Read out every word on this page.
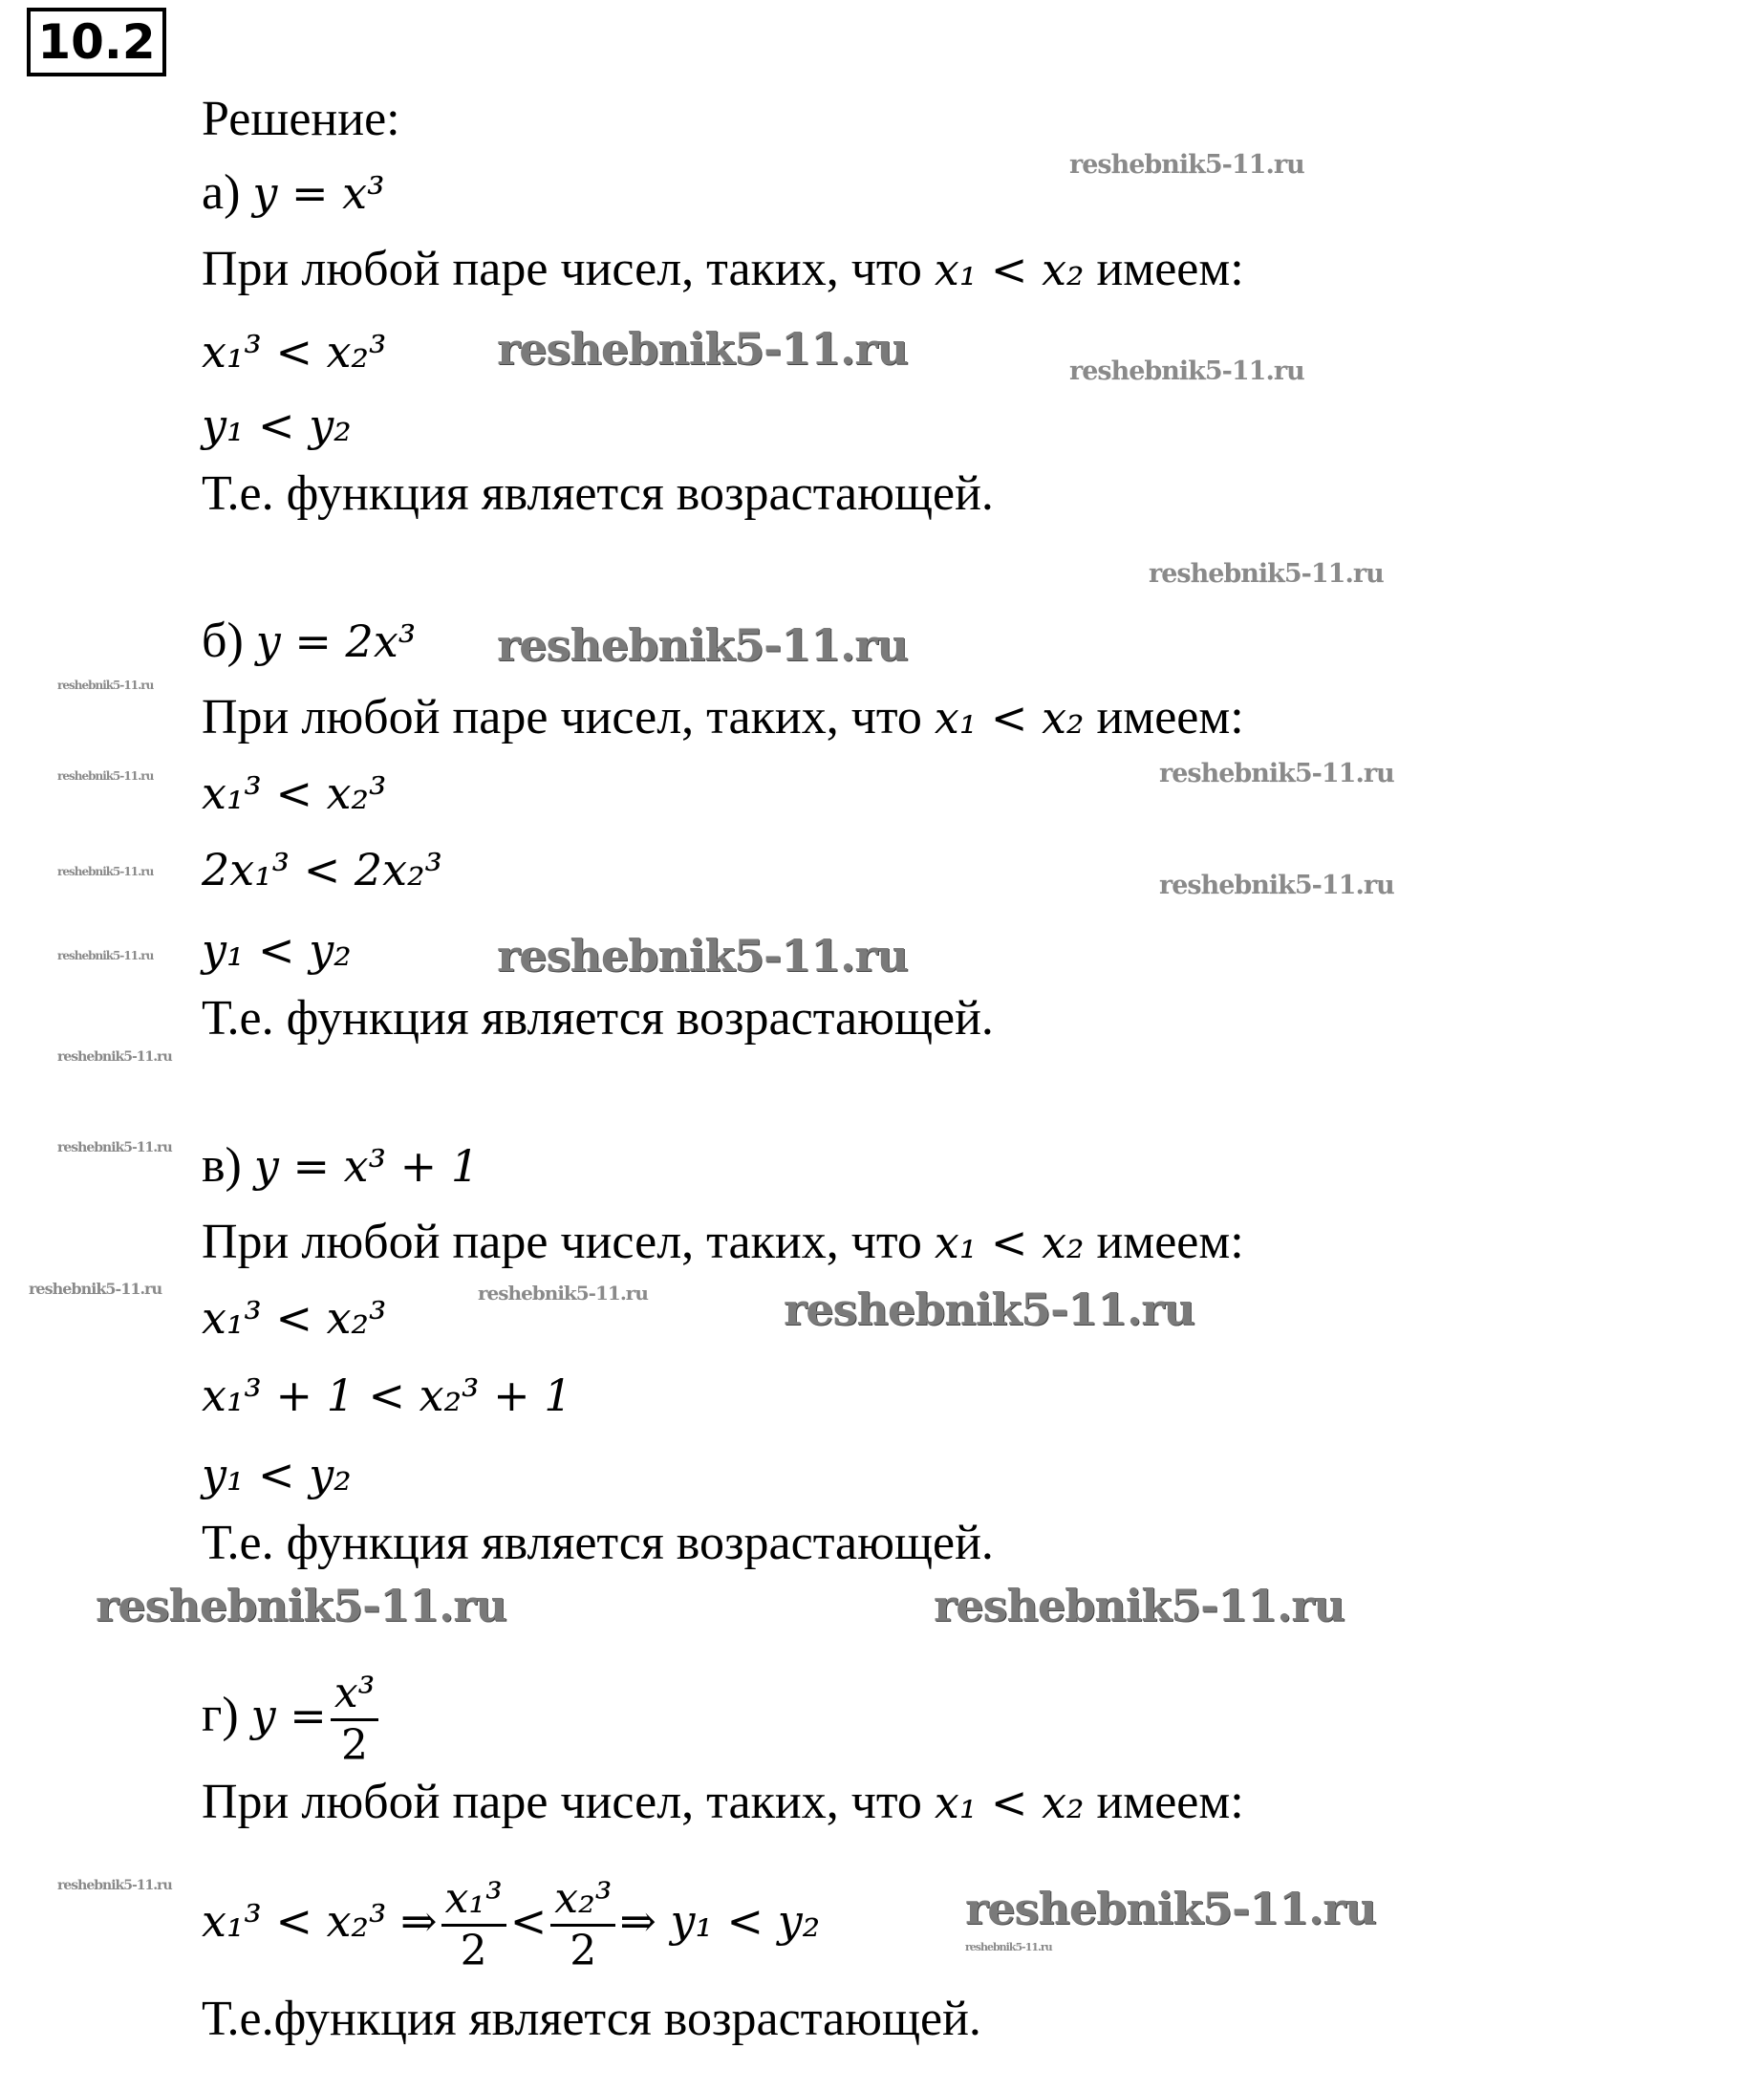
10.2
Решение:
а) y = x³
При любой паре чисел, таких, что x₁ < x₂ имеем:
x₁³ < x₂³
y₁ < y₂
Т.е. функция является возрастающей.
б) y = 2x³
При любой паре чисел, таких, что x₁ < x₂ имеем:
x₁³ < x₂³
2x₁³ < 2x₂³
y₁ < y₂
Т.е. функция является возрастающей.
в) y = x³ + 1
При любой паре чисел, таких, что x₁ < x₂ имеем:
x₁³ < x₂³
x₁³ + 1 < x₂³ + 1
y₁ < y₂
Т.е. функция является возрастающей.
г) $y = \frac{\text{x³}}{2}$
При любой паре чисел, таких, что x₁ < x₂ имеем:
x₁³ < x₂³ ⇒ $\frac{\text{x₁³}}{2} < \frac{\text{x₂³}}{2}$ ⇒ y₁ < y₂
Т.е.функция является возрастающей.
reshebnik5-11.ru
reshebnik5-11.ru
reshebnik5-11.ru
reshebnik5-11.ru
reshebnik5-11.ru	reshebnik5-11.ru
reshebnik5-11.ru
reshebnik5-11.ru
reshebnik5-11.ru
reshebnik5-11.ru
reshebnik5-11.ru
reshebnik5-11.ru
reshebnik5-11.ru
reshebnik5-11.ru
reshebnik5-11.ru
reshebnik5-11.ru
reshebnik5-11.ru
reshebnik5-11.ru
reshebnik5-11.ru
reshebnik5-11.ru
reshebnik5-11.ru
reshebnik5-11.ru
